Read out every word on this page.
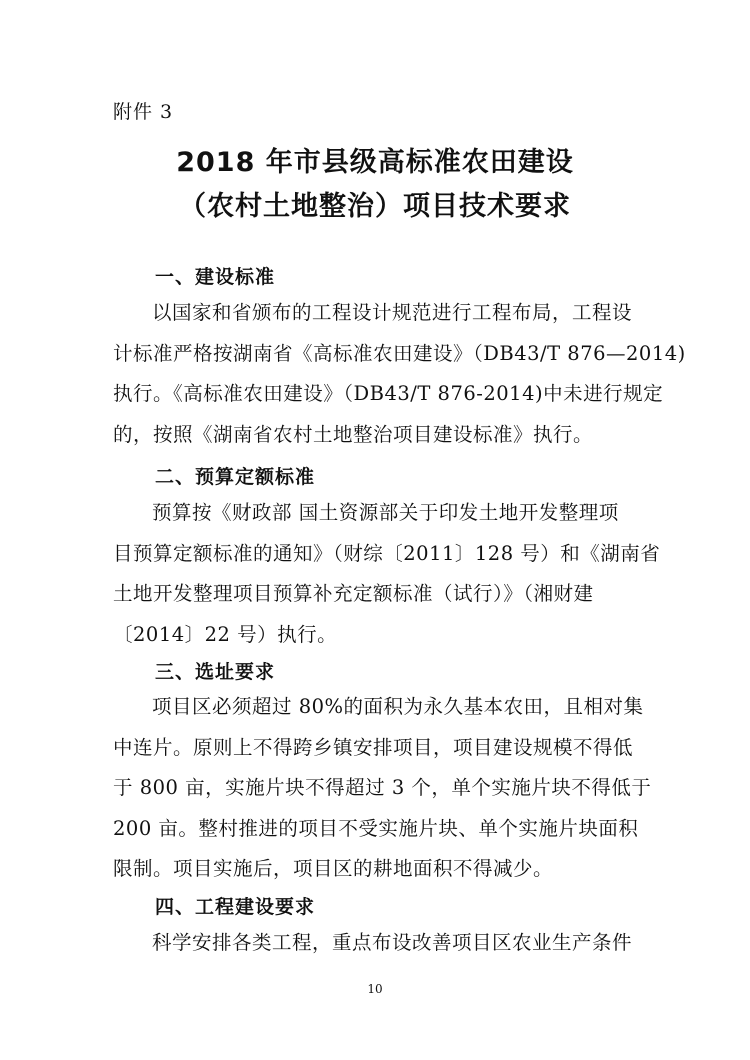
附件 3
2018 年市县级高标准农田建设
（农村土地整治）项目技术要求
一、建设标准
以国家和省颁布的工程设计规范进行工程布局，工程设
计标准严格按湖南省《高标准农田建设》（DB43/T 876—2014)
执行。《高标准农田建设》（DB43/T 876-2014)中未进行规定
的，按照《湖南省农村土地整治项目建设标准》执行。
二、预算定额标准
预算按《财政部 国土资源部关于印发土地开发整理项
目预算定额标准的通知》（财综〔2011〕128 号）和《湖南省
土地开发整理项目预算补充定额标准（试行）》（湘财建
〔2014〕22 号）执行。
三、选址要求
项目区必须超过 80%的面积为永久基本农田，且相对集
中连片。原则上不得跨乡镇安排项目，项目建设规模不得低
于 800 亩，实施片块不得超过 3 个，单个实施片块不得低于
200 亩。整村推进的项目不受实施片块、单个实施片块面积
限制。项目实施后，项目区的耕地面积不得减少。
四、工程建设要求
科学安排各类工程，重点布设改善项目区农业生产条件
10
